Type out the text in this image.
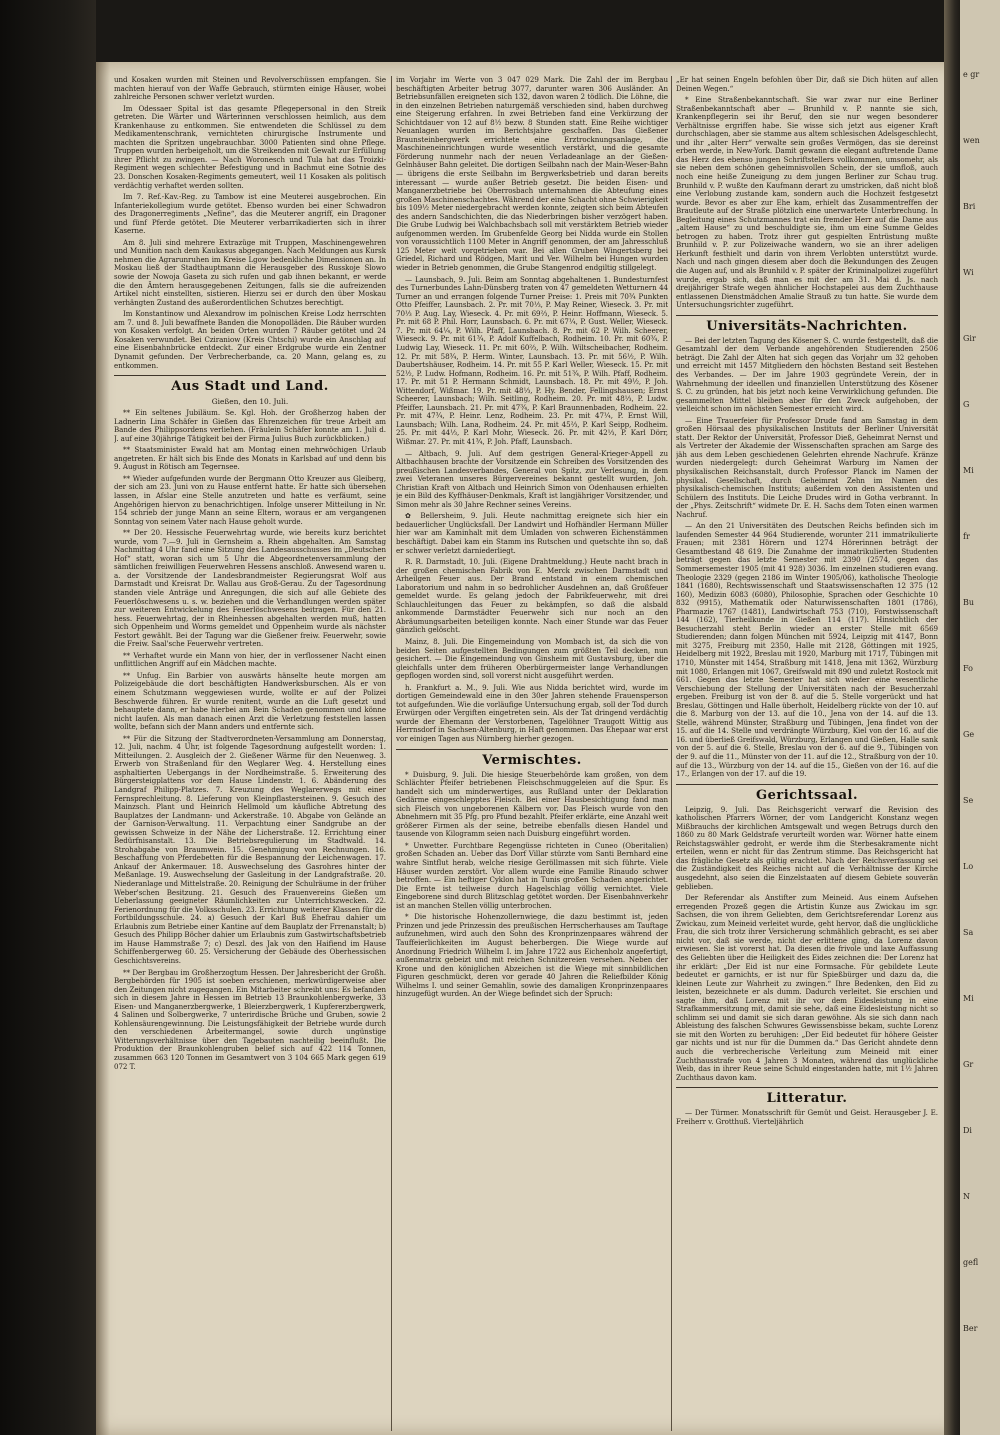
und Kosaken wurden mit Steinen und Revolverschüssen empfangen. Sie machten hierauf von der Waffe Gebrauch, stürmten einige Häuser, wobei zahlreiche Personen schwer verletzt wurden.

Im Odessaer Spital ist das gesamte Pflegepersonal in den Streik getreten. Die Wärter und Wärterinnen verschlossen heimlich, aus dem Krankenhause zu entkommen. Sie entwendeten die Schlüssel zu dem Medikamentenschrank, vernichteten chirurgische Instrumente und machten die Spritzen ungebrauchbar. 3000 Patienten sind ohne Pflege. Truppen wurden herbeigeholt, um die Streikenden mit Gewalt zur Erfüllung ihrer Pflicht zu zwingen. — Nach Woronesch und Tula hat das Troizki-Regiment wegen schlechter Befestigung und in Bachmut eine Sotnie des 23. Donschen Kosaken-Regiments gemeutert, weil 11 Kosaken als politisch verdächtig verhaftet werden sollten.

Im 7. Ref.-Kav.-Reg. zu Tambow ist eine Meuterei ausgebrochen. Ein Infanteriekollegium wurde getötet. Ebenso wurden bei einer Schwadron des Dragonerregiments „Nefine“, das die Meuterer angriff, ein Dragoner und fünf Pferde getötet. Die Meuterer verbarrikadierten sich in ihrer Kaserne.

Am 8. Juli sind mehrere Extrazüge mit Truppen, Maschinengewehren und Munition nach dem Kaukasus abgegangen. Nach Meldungen aus Kursk nehmen die Agrarunruhen im Kreise Lgow bedenkliche Dimensionen an. In Moskau ließ der Stadthauptmann die Herausgeber des Russkoje Slowo sowie der Nowoja Gaseta zu sich rufen und gab ihnen bekannt, er werde die den Ämtern herausgegebenen Zeitungen, falls sie die aufreizenden Artikel nicht einstellten, sistieren. Hierzu sei er durch den über Moskau verhängten Zustand des außerordentlichen Schutzes berechtigt.

Im Konstantinow und Alexandrow im polnischen Kreise Lodz herrschten am 7. und 8. Juli bewaffnete Banden die Monopolläden. Die Räuber wurden von Kosaken verfolgt. An beiden Orten wurden 7 Räuber getötet und 24 Kosaken verwundet. Bei Cziraniow (Kreis Chtschi) wurde ein Anschlag auf eine Eisenbahnbrücke entdeckt. Zur einer Erdgrube wurde ein Zentner Dynamit gefunden. Der Verbrecherbande, ca. 20 Mann, gelang es, zu entkommen.

Aus Stadt und Land.
Gießen, den 10. Juli.

** Ein seltenes Jubiläum. Se. Kgl. Hoh. der Großherzog haben der Ladnerin Lina Schäfer in Gießen das Ehrenzeichen für treue Arbeit am Bande des Philippsordens verliehen. (Fräulein Schäfer konnte am 1. Juli d. J. auf eine 30jährige Tätigkeit bei der Firma Julius Buch zurückblicken.)

** Staatsminister Ewald hat am Montag einen mehrwöchigen Urlaub angetreten. Er hält sich bis Ende des Monats in Karlsbad auf und denn bis 9. August in Rötisch am Tegernsee.

** Wieder aufgefunden wurde der Bergmann Otto Kreuzer aus Gleiberg, der sich am 23. Juni von zu Hause entfernt hatte. Er hatte sich übersehen lassen, in Afslar eine Stelle anzutreten und hatte es verfäumt, seine Angehörigen hiervon zu benachrichtigen. Infolge unserer Mitteilung in Nr. 154 schrieb der junge Mann an seine Eltern, woraus er am vergangenen Sonntag von seinem Vater nach Hause geholt wurde.

** Der 20. Hessische Feuerwehrtag wurde, wie bereits kurz berichtet wurde, vom 7.—9. Juli in Gernsheim a. Rhein abgehalten. Am Samstag Nachmittag 4 Uhr fand eine Sitzung des Landesausschusses im „Deutschen Hof“ statt, woran sich um 5 Uhr die Abgeordnetenversammlung der sämtlichen freiwilligen Feuerwehren Hessens anschloß. Anwesend waren u. a. der Vorsitzende der Landesbrandmeister Regierungsrat Wolf aus Darmstadt und Kreisrat Dr. Wallau aus Groß-Gerau. Zu der Tagesordnung standen viele Anträge und Anregungen, die sich auf alle Gebiete des Feuerlöschwesens u. s. w. beziehen und die Verhandlungen werden später zur weiteren Entwickelung des Feuerlöschwesens beitragen. Für den 21. hess. Feuerwehrtag, der in Rheinhessen abgehalten werden muß, hatten sich Oppenheim und Worms gemeldet und Oppenheim wurde als nächster Festort gewählt. Bei der Tagung war die Gießener freiw. Feuerwehr, sowie die Freiw. Saal'sche Feuerwehr vertreten.

** Verhaftet wurde ein Mann von hier, der in verflossener Nacht einen unflittlichen Angriff auf ein Mädchen machte.

** Unfug. Ein Barbier von auswärts hänselte heute morgen am Polizeigebäude die dort beschäftigten Handwerksburschen. Als er von einem Schutzmann weggewiesen wurde, wollte er auf der Polizei Beschwerde führen. Er wurde renitent, wurde an die Luft gesetzt und behauptete dann, er habe hierbei am Bein Schaden genommen und könne nicht laufen. Als man danach einen Arzt die Verletzung feststellen lassen wollte, befann sich der Mann anders und entfernte sich.

** Für die Sitzung der Stadtverordneten-Versammlung am Donnerstag, 12. Juli, nachm. 4 Uhr, ist folgende Tagesordnung aufgestellt worden: 1. Mitteilungen. 2. Ausgleich der 2. Gießener Wärme für den Neuenweg. 3. Erwerb von Straßenland für den Weglarer Weg. 4. Herstellung eines asphaltierten Uebergangs in der Nordheimstraße. 5. Erweiterung des Bürgersteigplattens vor dem Hause Lindenstr. 1. 6. Abänderung des Landgraf Philipp-Platzes. 7. Kreuzung des Weglarerwegs mit einer Fernsprechleitung. 8. Lieferung von Kleinpflastersteinen. 9. Gesuch des Mainzsch. Plant und Heinrich Hellmold um käufliche Abtretung des Bauplatzes der Landmann- und Ackerstraße. 10. Abgabe von Gelände an der Garnison-Verwaltung. 11. Verpachtung einer Sandgrube an der gewissen Schweize in der Nähe der Licherstraße. 12. Errichtung einer Bedürfnisanstalt. 13. Die Betriebsregulierung im Stadtwald. 14. Strohabgabe von Braumwein. 15. Genehmigung von Rechnungen. 16. Beschaffung von Pferdebetten für die Bespannung der Leichenwagen. 17. Ankauf der Ankermauer. 18. Auswechselung des Gasrohres hinter der Meßanlage. 19. Auswechselung der Gasleitung in der Landgrafstraße. 20. Niederanlage und Mittelstraße. 20. Reinigung der Schulräume in der früher Weber'schen Besitzung. 21. Gesuch des Frauenvereins Gießen um Ueberlassung geeigneter Räumlichkeiten zur Unterrichtszwecken. 22. Ferienordnung für die Volksschulen. 23. Errichtung weiterer Klassen für die Fortbildungsschule. 24. a) Gesuch der Karl Buß Ehefrau dahier um Erlaubnis zum Betriebe einer Kantine auf dem Bauplatz der Frrenanstalt; b) Gesuch des Philipp Böcher dahier um Erlaubnis zum Gastwirtschaftsbetrieb im Hause Hammstraße 7; c) Deszl. des Jak von den Haifiend im Hause Schiffenbergerweg 60. 25. Versicherung der Gebäude des Oberhessischen Geschichtsvereins.

** Der Bergbau im Großherzogtum Hessen. Der Jahresbericht der Großh. Bergbehörden für 1905 ist soeben erschienen, merkwürdigerweise aber den Zeitungen nicht zugegangen. Ein Mitarbeiter schreibt uns: Es befanden sich in diesem Jahre in Hessen im Betrieb 13 Braunkohlenbergwerke, 33 Eisen- und Manganerzbergwerke, 1 Bleierzbergwerk, 1 Kupfererzbergwerk, 4 Salinen und Solbergwerke, 7 unterirdische Brüche und Gruben, sowie 2 Kohlensäurengewinnung. Die Leistungsfähigkeit der Betriebe wurde durch den verschiedenen Arbeitermangel, sowie durch ungünstige Witterungsverhältnisse über den Tagebauten nachteilig beeinflußt. Die Produktion der Braunkohlengruben belief sich auf 422 114 Tonnen, zusammen 663 120 Tonnen im Gesamtwert von 3 104 665 Mark gegen 619 072 T.

im Vorjahr im Werte von 3 047 029 Mark. Die Zahl der im Bergbau beschäftigten Arbeiter betrug 3077, darunter waren 306 Ausländer. An Betriebsunfällen ereigneten sich 132, davon waren 2 tödlich. Die Löhne, die in den einzelnen Betrieben naturgemäß verschieden sind, haben durchweg eine Steigerung erfahren. In zwei Betrieben fand eine Verkürzung der Schichtdauer von 12 auf 8½ bezw. 8 Stunden statt. Eine Reihe wichtiger Neuanlagen wurden im Berichtsjahre geschaffen. Das Gießener Braunsteinbergwerk errichtete eine Erztrocknungsanlage, die Maschineneinrichtungen wurde wesentlich verstärkt, und die gesamte Förderung nunmehr nach der neuen Verladeanlage an der Gießen-Gelnhäuser Bahn geleitet. Die dortigen Seilbahn nach der Main-Weser-Bahn — übrigens die erste Seilbahn im Bergwerksbetrieb und daran bereits interessant — wurde außer Betrieb gesetzt. Die beiden Eisen- und Manganerzbetriebe bei Oberrosbach unternahmen die Abteufung eines großen Maschinenschachtes. Während der eine Schacht ohne Schwierigkeit bis 109½ Meter niedergebracht werden konnte, zeigten sich beim Abteufen des andern Sandschichten, die das Niederbringen bisher verzögert haben. Die Grube Ludwig bei Walchbachsbach soll mit verstärktem Betrieb wieder aufgenommen werden. Im Grubenfelde Georg bei Nidda wurde ein Stollen von voraussichtlich 1100 Meter in Angriff genommen, der am Jahresschluß 125 Meter weit vorgetrieben war. Bei allen Gruben Wingertsberg bei Griedel, Richard und Rödgen, Marit und Ver. Wilhelm bei Hungen wurden wieder in Betrieb genommen, die Grube Stangenrod endgiltig stillgelegt.

— Launsbach, 9. Juli. Beim am Sonntag abgehaltenen 1. Bundesturnfest des Turnerbundes Lahn-Dünsberg traten von 47 gemeldeten Wetturnern 44 Turner an und errangen folgende Turner Preise: 1. Preis mit 70¾ Punkten Otto Pfeiffer, Launsbach. 2. Pr. mit 70⅓, P. May Reiner, Wieseck. 3. Pr. mit 70⅓ P. Aug. Lay, Wieseck. 4. Pr. mit 69⅔, P. Heinr. Hoffmann, Wieseck. 5. Pr. mit 68 P. Phil. Horr, Launsbach. 6. Pr. mit 67¼, P. Gust. Weller, Wieseck. 7. Pr. mit 64¼, P. Wilh. Pfaff, Launsbach. 8. Pr. mit 62 P. Wilh. Scheerer, Wieseck. 9. Pr. mit 61¾, P. Adolf Kuffelbach, Rodheim. 10. Pr. mit 60¾, P. Ludwig Lay, Wieseck. 11. Pr. mit 60⅔, P. Wilh. Wiltscheibacher, Rodheim. 12. Pr. mit 58¾, P. Herm. Winter, Launsbach. 13. Pr. mit 56½, P. Wilh. Daubertshäuser, Rodheim. 14. Pr. mit 55 P. Karl Weller, Wieseck. 15. Pr. mit 52½, P. Ludw. Hofmann, Rodheim. 16. Pr. mit 51¾, P. Wilh. Pfaff, Rodheim. 17. Pr. mit 51 P. Hermann Schmidt, Launsbach. 18. Pr. mit 49½, P. Joh. Wittendorf, Wißmar. 19. Pr. mit 48⅓, P. Hy. Bender, Fellingshausen; Ernst Scheerer, Launsbach; Wilh. Seitling, Rodheim. 20. Pr. mit 48⅓, P. Ludw. Pfeiffer, Launsbach. 21. Pr. mit 47¾, P. Karl Braunnenbaden, Rodheim. 22. Pr. mit 47¾, P. Heinr. Lenz, Rodheim. 23. Pr. mit 47¼, P. Ernst Will, Launsbach; Wilh. Lana, Rodheim. 24. Pr. mit 45⅔, P. Karl Seipp, Rodheim. 25. Pr. mit 44⅓, P. Karl Mohr, Wieseck. 26. Pr. mit 42⅓, P. Karl Dörr, Wißmar. 27. Pr. mit 41¾, P. Joh. Pfaff, Launsbach.

— Altbach, 9. Juli. Auf dem gestrigen General-Krieger-Appell zu Altbachhausen brachte der Vorsitzende ein Schreiben des Vorsitzenden des preußischen Landesverbandes, General von Spitz, zur Verlesung, in dem zwei Veteranen unseres Bürgervereines bekannt gestellt wurden, Joh. Christian Kraft von Altbach und Heinrich Simon von Odenhausen erhielten je ein Bild des Kyffhäuser-Denkmals, Kraft ist langjähriger Vorsitzender, und Simon mehr als 30 Jahre Rechner seines Vereins.

✿ Bellersheim, 9. Juli. Heute nachmittag ereignete sich hier ein bedauerlicher Unglücksfall. Der Landwirt und Hofhändler Hermann Müller hier war am Kaminhalt mit dem Umladen von schweren Eichenstämmen beschäftigt. Dabei kam ein Stamm ins Rutschen und quetschte ihn so, daß er schwer verletzt darniederliegt.

R. R. Darmstadt, 10. Juli. (Eigene Drahtmeldung.) Heute nacht brach in der großen chemischen Fabrik von E. Merck zwischen Darmstadt und Arheilgen Feuer aus. Der Brand entstand in einem chemischen Laboratorium und nahm in so bedrohlicher Ausdehnen an, daß Großfeuer gemeldet wurde. Es gelang jedoch der Fabrikfeuerwehr, mit drei Schlauchleitungen das Feuer zu bekämpfen, so daß die alsbald ankommende Darmstädter Feuerwehr sich nur noch an den Abräumungsarbeiten beteiligen konnte. Nach einer Stunde war das Feuer gänzlich gelöscht.

Mainz, 8. Juli. Die Eingemeindung von Mombach ist, da sich die von beiden Seiten aufgestellten Bedingungen zum größten Teil decken, nun gesichert. — Die Eingemeindung von Ginsheim mit Gustavsburg, über die gleichfalls unter dem früheren Oberbürgermeister lange Verhandlungen gepflogen worden sind, soll vorerst nicht ausgeführt werden.

h. Frankfurt a. M., 9. Juli. Wie aus Nidda berichtet wird, wurde im dortigen Gemeindewald eine in den 30er Jahren stehende Frauensperson tot aufgefunden. Wie die vorläufige Untersuchung ergab, soll der Tod durch Erwürgen oder Vergiften eingetreten sein. Als der Tat dringend verdächtig wurde der Ehemann der Verstorbenen, Tagelöhner Traugott Wittig aus Herrnsdorf in Sachsen-Altenburg, in Haft genommen. Das Ehepaar war erst vor einigen Tagen aus Nürnberg hierher gezogen.

Vermischtes.

* Duisburg, 9. Juli. Die hiesige Steuerbehörde kam großen, von dem Schlächter Pfeifer betriebenen Fleischschmuggeleien auf die Spur. Es handelt sich um minderwertiges, aus Rußland unter der Deklaration Gedärme eingeschlepptes Fleisch. Bei einer Hausbesichtigung fand man sich Fleisch von ungeborenen Kälbern vor. Das Fleisch wurde von den Abnehmern mit 35 Pfg. pro Pfund bezahlt. Pfeifer erklärte, eine Anzahl weit größerer Firmen als der seine, betreibe ebenfalls diesen Handel und tausende von Kilogramm seien nach Duisburg eingeführt worden.

* Unwetter. Furchtbare Regengüsse richteten in Cuneo (Oberitalien) großen Schaden an. Ueber das Dorf Villar stürzte vom Santi Bernhard eine wahre Sintflut herab, welche riesige Geröllmassen mit sich führte. Viele Häuser wurden zerstört. Vor allem wurde eine Familie Rinaudo schwer betroffen. — Ein heftiger Cyklon hat in Tunis großen Schaden angerichtet. Die Ernte ist teilweise durch Hagelschlag völlig vernichtet. Viele Eingeborene sind durch Blitzschlag getötet worden. Der Eisenbahnverkehr ist an manchen Stellen völlig unterbrochen.

* Die historische Hohenzollernwiege, die dazu bestimmt ist, jeden Prinzen und jede Prinzessin des preußischen Herrscherhauses am Tauftage aufzunehmen, wird auch den Sohn des Kronprinzenpaares während der Tauffeierlichkeiten im August beherbergen. Die Wiege wurde auf Anordnung Friedrich Wilhelm I. im Jahre 1722 aus Eichenholz angefertigt, außenmatrix gebeizt und mit reichen Schnitzereien versehen. Neben der Krone und den königlichen Abzeichen ist die Wiege mit sinnbildlichen Figuren geschmückt, deren vor gerade 40 Jahren die Reliefbilder König Wilhelms I. und seiner Gemahlin, sowie des damaligen Kronprinzenpaares hinzugefügt wurden. An der Wiege befindet sich der Spruch:

„Er hat seinen Engeln befohlen über Dir, daß sie Dich hüten auf allen Deinen Wegen.“

* Eine Straßenbekanntschaft. Sie war zwar nur eine Berliner Straßenbekanntschaft aber — Brunhild v. P. nannte sie sich, Krankenpflegerin sei ihr Beruf, den sie nur wegen besonderer Verhältnisse ergriffen habe. Sie wisse sich jetzt aus eigener Kraft durchschlagen, aber sie stamme aus altem schlesischen Adelsgeschlecht, und ihr „alter Herr“ verwalte sein großes Vermögen, das sie dereinst erben werde, in New-York. Damit gewann die elegant auftretende Dame das Herz des ebenso jungen Schriftstellers vollkommen, umsomehr, als sie neben dem schönen geheimnisvollen Schein, der sie umfloß, auch noch eine heiße Zuneigung zu dem jungen Berliner zur Schau trug. Brunhild v. P. wußte den Kaufmann derart zu umstricken, daß nicht bloß eine Verlobung zustande kam, sondern auch die Hochzeit festgesetzt wurde. Bevor es aber zur Ehe kam, erhielt das Zusammentreffen der Brautleute auf der Straße plötzlich eine unerwartete Unterbrechung. In Begleitung eines Schutzmannes trat ein fremder Herr auf die Dame aus „altem Hause“ zu und beschuldigte sie, ihm um eine Summe Geldes betrogen zu haben. Trotz ihrer gut gespielten Entrüstung mußte Brunhild v. P. zur Polizeiwache wandern, wo sie an ihrer adeligen Herkunft festhielt und darin von ihrem Verlobten unterstützt wurde. Nach und nach gingen diesem aber doch die Bekundungen des Zeugen die Augen auf, und als Brunhild v. P. später der Kriminalpolizei zugeführt wurde, ergab sich, daß man es mit der am 31. Mai d. Js. nach dreijähriger Strafe wegen ähnlicher Hochstapelei aus dem Zuchthause entlassenen Dienstmädchen Amalie Strauß zu tun hatte. Sie wurde dem Untersuchungsrichter zugeführt.

Universitäts-Nachrichten.

— Bei der letzten Tagung des Kösener S. C. wurde festgestellt, daß die Gesamtzahl der dem Verbande angehörenden Studierenden 2506 beträgt. Die Zahl der Alten hat sich gegen das Vorjahr um 32 gehoben und erreicht mit 1457 Mitgliedern den höchsten Bestand seit Bestehen des Verbandes. — Der im Jahre 1903 gegründete Verein, der in Wahrnehmung der ideellen und finanziellen Unterstützung des Kösener S. C. zu gründen, hat bis jetzt noch keine Verwirklichung gefunden. Die gesammelten Mittel bleiben aber für den Zweck aufgehoben, der vielleicht schon im nächsten Semester erreicht wird.

— Eine Trauerfeier für Professor Drude fand am Samstag in dem großen Hörsaal des physikalischen Instituts der Berliner Universität statt. Der Rektor der Universität, Professor Dieß, Geheimrat Nernst und als Vertreter der Akademie der Wissenschaften sprachen am Sarge des jäh aus dem Leben geschiedenen Gelehrten ehrende Nachrufe. Kränze wurden niedergelegt: durch Geheimrat Warburg im Namen der physikalischen Reichsanstalt, durch Professor Planck im Namen der physikal. Gesellschaft, durch Geheimrat Zehn im Namen des physikalisch-chemischen Instituts; außerdem von den Assistenten und Schülern des Instituts. Die Leiche Drudes wird in Gotha verbrannt. In der „Phys. Zeitschrift“ widmete Dr. E. H. Sachs dem Toten einen warmen Nachruf.

— An den 21 Universitäten des Deutschen Reichs befinden sich im laufenden Semester 44 964 Studierende, worunter 211 immatrikulierte Frauen; mit 2381 Hörern und 1274 Hörerinnen beträgt der Gesamtbestand 48 619. Die Zunahme der immatrikulierten Studenten beträgt gegen das letzte Semester mit 2390 (2574, gegen das Sommersemester 1905 (mit 41 928) 3036. Im einzelnen studieren evang. Theologie 2329 (gegen 2186 im Winter 1905/06), katholische Theologie 1841 (1680), Rechtswissenschaft und Staatswissenschaften 12 375 (12 160), Medizin 6083 (6080), Philosophie, Sprachen oder Geschichte 10 832 (9915), Mathematik oder Naturwissenschaften 1801 (1786), Pharmazie 1767 (1481), Landwirtschaft 753 (710), Forstwissenschaft 144 (162), Tierheilkunde in Gießen 114 (117). Hinsichtlich der Besucherzahl steht Berlin wieder an erster Stelle mit 6569 Studierenden; dann folgen München mit 5924, Leipzig mit 4147, Bonn mit 3275, Freiburg mit 2350, Halle mit 2128, Göttingen mit 1925, Heidelberg mit 1922, Breslau mit 1920, Marburg mit 1717, Tübingen mit 1710, Münster mit 1454, Straßburg mit 1418, Jena mit 1362, Würzburg mit 1080, Erlangen mit 1067, Greifswald mit 890 und zuletzt Rostock mit 661. Gegen das letzte Semester hat sich wieder eine wesentliche Verschiebung der Stellung der Universitäten nach der Besucherzahl ergeben. Freiburg ist von der 8. auf die 5. Stelle vorgerückt und hat Breslau, Göttingen und Halle überholt, Heidelberg rückte von der 10. auf die 8. Marburg von der 13. auf die 10., Jena von der 14. auf die 13. Stelle, während Münster, Straßburg und Tübingen, Jena findet von der 15. auf die 14. Stelle und verdrängte Würzburg, Kiel von der 16. auf die 16. und überließ Greifswald, Würzburg, Erlangen und Gießen, Halle sank von der 5. auf die 6. Stelle, Breslau von der 6. auf die 9., Tübingen von der 9. auf die 11., Münster von der 11. auf die 12., Straßburg von der 10. auf die 13., Würzburg von der 14. auf die 15., Gießen von der 16. auf die 17., Erlangen von der 17. auf die 19.

Gerichtssaal.

Leipzig, 9. Juli. Das Reichsgericht verwarf die Revision des katholischen Pfarrers Wörner, der vom Landgericht Konstanz wegen Mißbrauchs der kirchlichen Amtsgewalt und wegen Betrugs durch den 1860 zu 80 Mark Geldstrafe verurteilt worden war. Wörner hatte einem Reichstagswähler gedroht, er werde ihm die Sterbesakramente nicht erteilen, wenn er nicht für das Zentrum stimme. Das Reichsgericht hat das frägliche Gesetz als gültig erachtet. Nach der Reichsverfassung sei die Zuständigkeit des Reiches nicht auf die Verhältnisse der Kirche ausgedehnt, also seien die Einzelstaaten auf diesem Gebiete souverän geblieben.

Der Referendar als Anstifter zum Meineid. Aus einem Aufsehen erregenden Prozeß gegen die Artistin Kunze aus Zwickau im sgr. Sachsen, die von ihrem Geliebten, dem Gerichtsreferendar Lorenz aus Zwickau, zum Meineid verleitet wurde, geht hervor, daß die unglückliche Frau, die sich trotz ihrer Versicherung schmählich gebracht, es sei aber nicht vor, daß sie werde, nicht der erlittene ging, da Lorenz davon erwiesen. Sie ist vorerst hat. Da diesen die frivole und laxe Auffassung des Geliebten über die Heiligkeit des Eides zeichnen die: Der Lorenz hat ihr erklärt: „Der Eid ist nur eine Formsache. Für gebildete Leute bedeutet er garnichts, er ist nur für Spießbürger und dazu da, die kleinen Leute zur Wahrheit zu zwingen.“ Ihre Bedenken, den Eid zu leisten, bezeichnete er als dumm. Dadurch verleitet. Sie erschien und sagte ihm, daß Lorenz mit ihr vor dem Eidesleistung in eine Strafkammersitzung mit, damit sie sehe, daß eine Eidesleistung nicht so schlimm sei und damit sie sich daran gewöhne. Als sie sich dann nach Ableistung des falschen Schwures Gewissensbisse bekam, suchte Lorenz sie mit den Worten zu beruhigen: „Der Eid bedeutet für höhere Geister gar nichts und ist nur für die Dummen da.“ Das Gericht ahndete denn auch die verbrecherische Verleitung zum Meineid mit einer Zuchthausstrafe von 4 Jahren 3 Monaten, während das unglückliche Weib, das in ihrer Reue seine Schuld eingestanden hatte, mit 1½ Jahren Zuchthaus davon kam.

Litteratur.

— Der Türmer. Monatsschrift für Gemüt und Geist. Herausgeber J. E. Freiherr v. Grotthuß. Vierteljährlich

e gr
wen
Bri
Wi
Gir
G
Mi
fr
Bu
Fo
Ge
Se
Lo
Sa
Mi
Gr
Di
N
gefl
Ber
